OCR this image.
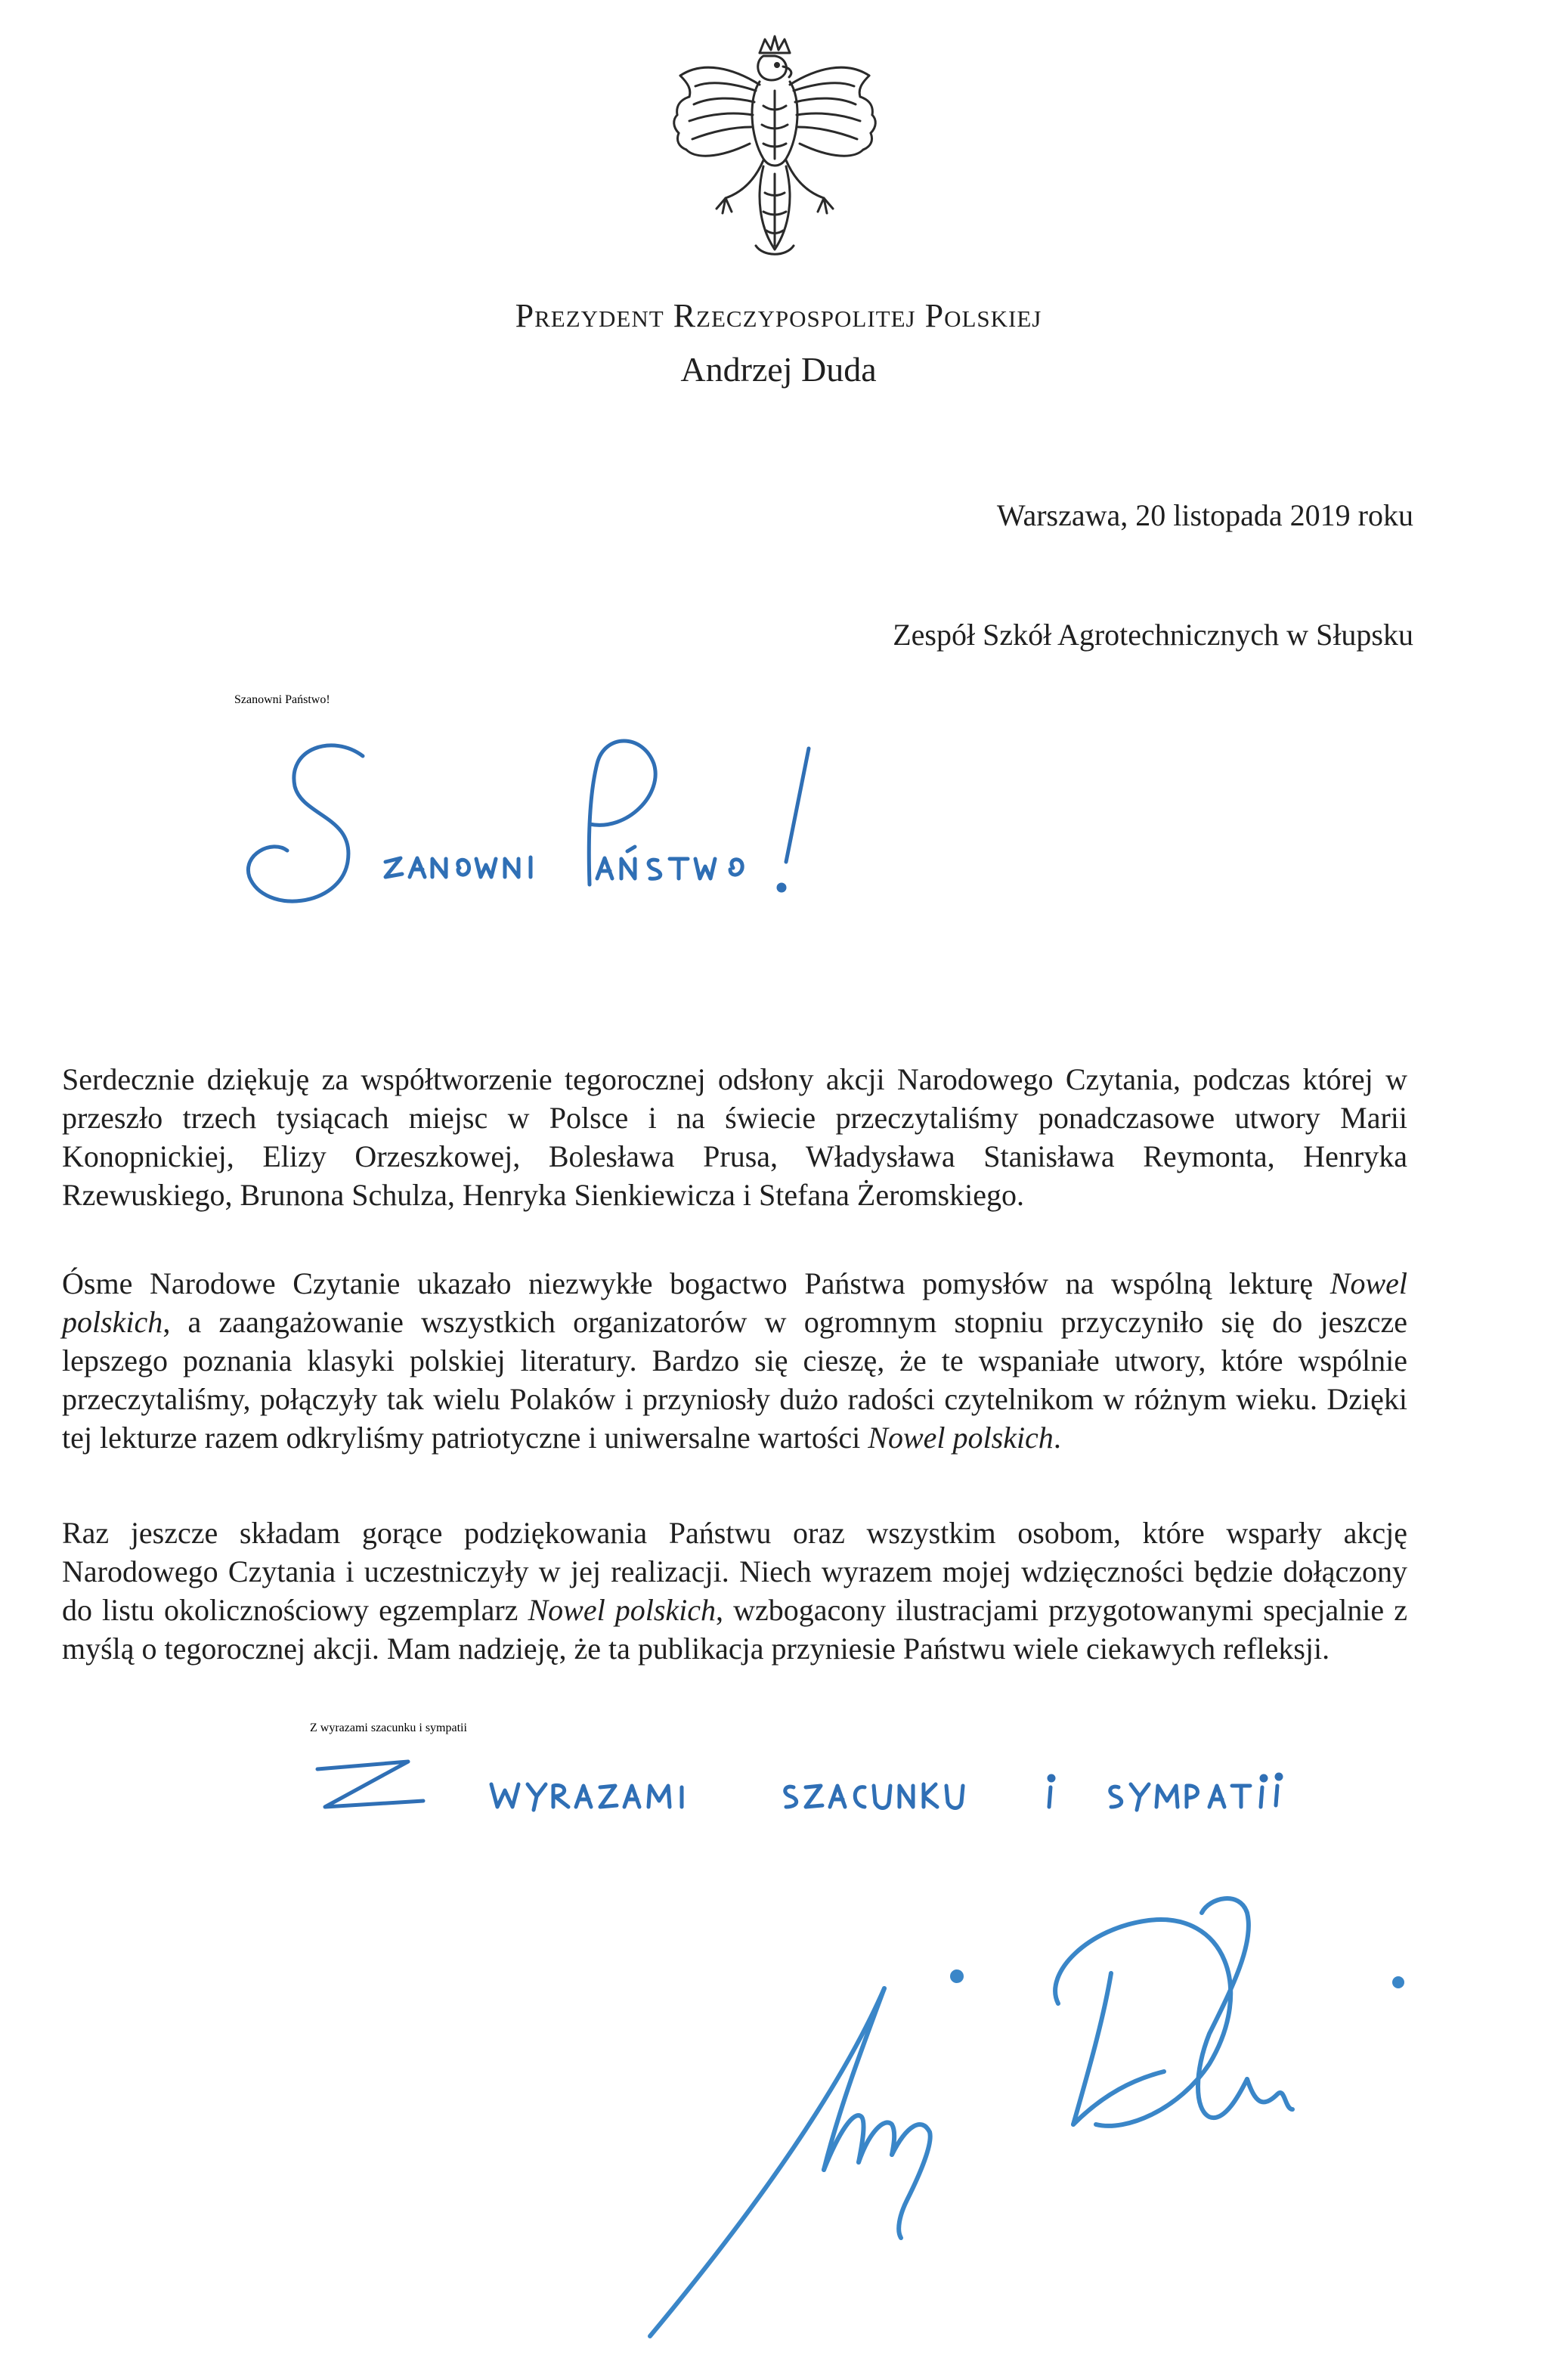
Prezydent Rzeczypospolitej Polskiej
Andrzej Duda
Warszawa, 20 listopada 2019 roku
Zespół Szkół Agrotechnicznych w Słupsku
Szanowni Państwo!

Serdecznie dziękuję za współtworzenie tegorocznej odsłony akcji Narodowego Czytania, podczas której w przeszło trzech tysiącach miejsc w Polsce i na świecie przeczytaliśmy ponadczasowe utwory Marii Konopnickiej, Elizy Orzeszkowej, Bolesława Prusa, Władysława Stanisława Reymonta, Henryka Rzewuskiego, Brunona Schulza, Henryka Sienkiewicza i Stefana Żeromskiego.

Ósme Narodowe Czytanie ukazało niezwykłe bogactwo Państwa pomysłów na wspólną lekturę Nowel polskich, a zaangażowanie wszystkich organizatorów w ogromnym stopniu przyczyniło się do jeszcze lepszego poznania klasyki polskiej literatury. Bardzo się cieszę, że te wspaniałe utwory, które wspólnie przeczytaliśmy, połączyły tak wielu Polaków i przyniosły dużo radości czytelnikom w różnym wieku. Dzięki tej lekturze razem odkryliśmy patriotyczne i uniwersalne wartości Nowel polskich.

Raz jeszcze składam gorące podziękowania Państwu oraz wszystkim osobom, które wsparły akcję Narodowego Czytania i uczestniczyły w jej realizacji. Niech wyrazem mojej wdzięczności będzie dołączony do listu okolicznościowy egzemplarz Nowel polskich, wzbogacony ilustracjami przygotowanymi specjalnie z myślą o tegorocznej akcji. Mam nadzieję, że ta publikacja przyniesie Państwu wiele ciekawych refleksji.

Z wyrazami szacunku i sympatii
